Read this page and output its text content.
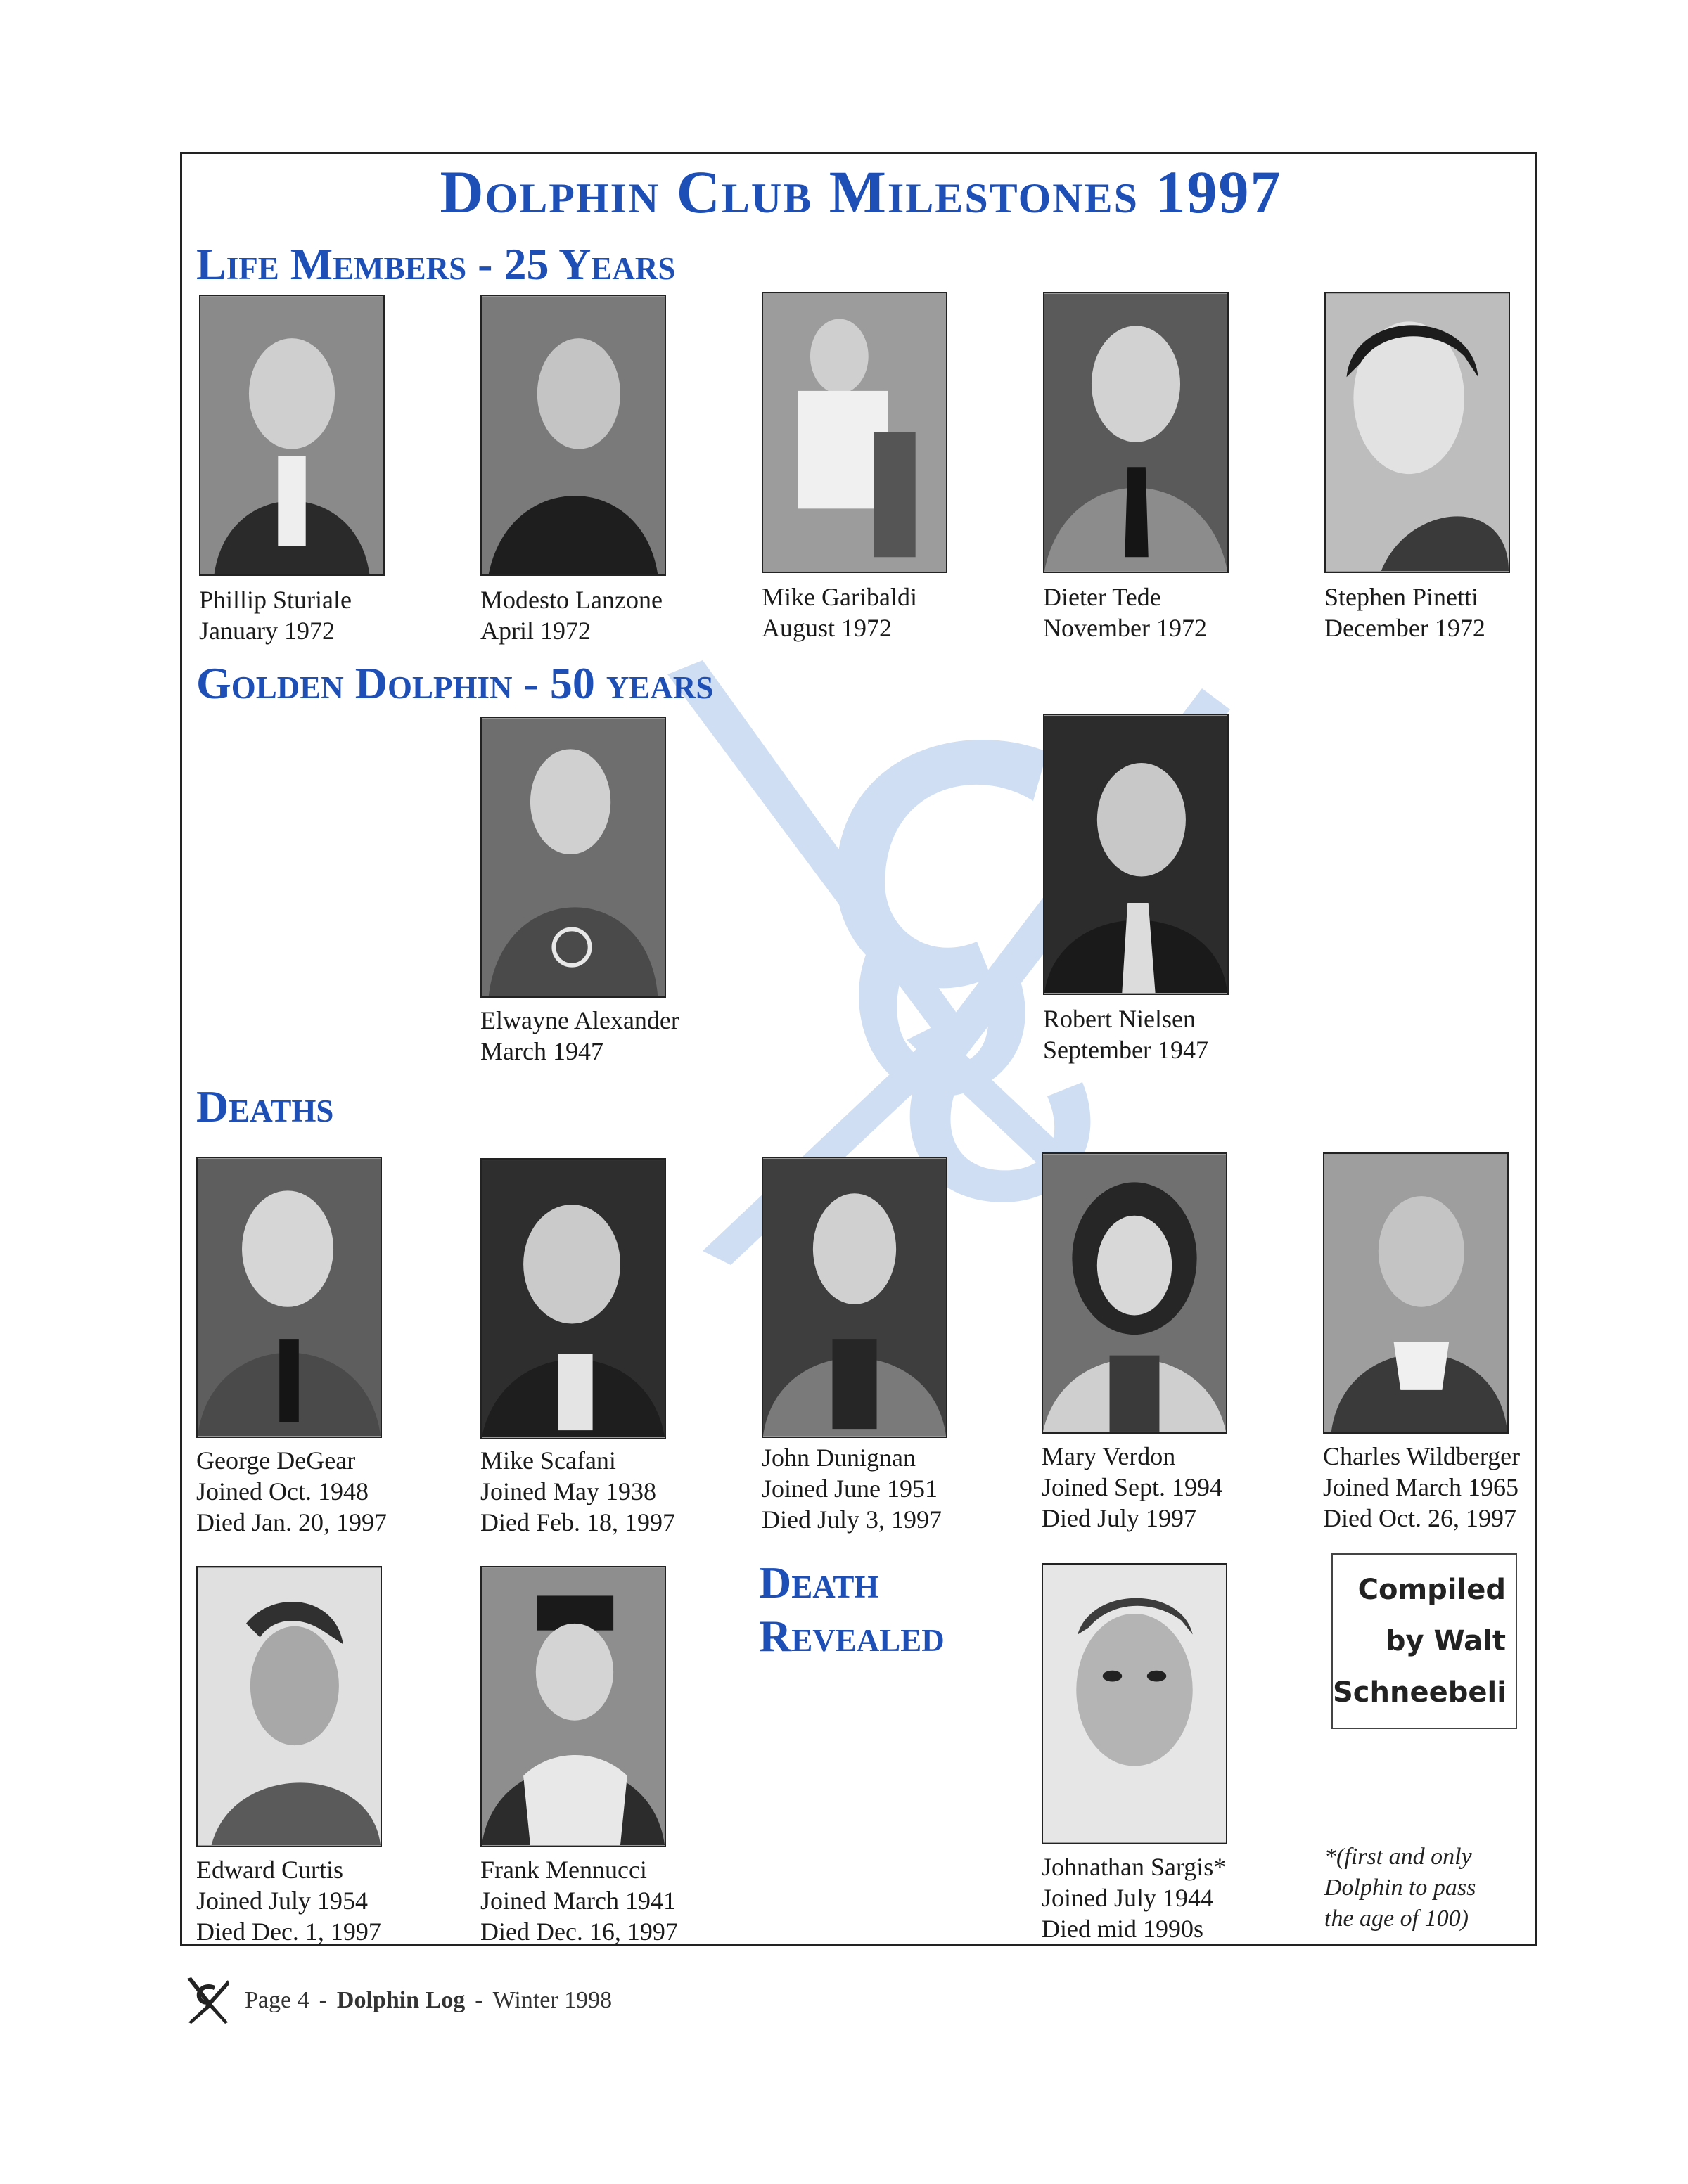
Dolphin Club Milestones 1997
Life Members - 25 Years
Phillip Sturiale
January 1972
Modesto Lanzone
April 1972
Mike Garibaldi
August 1972
Dieter Tede
November 1972
Stephen Pinetti
December 1972
Golden Dolphin - 50 years
Elwayne Alexander
March 1947
Robert Nielsen
September 1947
Deaths
George DeGear
Joined Oct. 1948
Died Jan. 20, 1997
Mike Scafani
Joined May 1938
Died Feb. 18, 1997
John Dunignan
Joined June 1951
Died July 3, 1997
Mary Verdon
Joined Sept. 1994
Died July 1997
Charles Wildberger
Joined March 1965
Died Oct. 26, 1997
Edward Curtis
Joined July 1954
Died Dec. 1, 1997
Frank Mennucci
Joined March 1941
Died Dec. 16, 1997
Death Revealed
Johnathan Sargis*
Joined July 1944
Died mid 1990s
Compiled
by Walt
Schneebeli
*(first and only
Dolphin to pass
the age of 100)
Page 4 - Dolphin Log - Winter 1998
